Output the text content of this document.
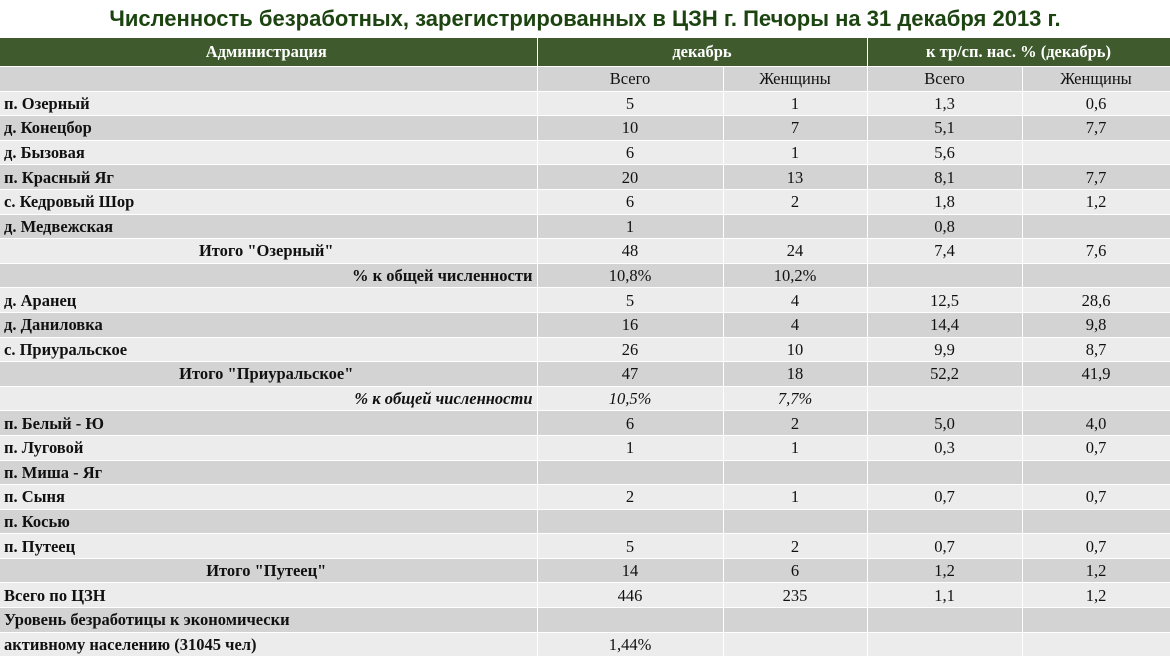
Численность безработных, зарегистрированных в ЦЗН г. Печоры на 31 декабря 2013 г.
Администрация	декабрь		к тр/сп. нас. % (декабрь)	
	Всего	Женщины	Всего	Женщины
п. Озерный	5	1	1,3	0,6
д. Конецбор	10	7	5,1	7,7
д. Бызовая	6	1	5,6	
п. Красный Яг	20	13	8,1	7,7
с. Кедровый Шор	6	2	1,8	1,2
д. Медвежская	1		0,8	
Итого "Озерный"	48	24	7,4	7,6
% к общей численности	10,8%	10,2%		
д. Аранец	5	4	12,5	28,6
д. Даниловка	16	4	14,4	9,8
с. Приуральское	26	10	9,9	8,7
Итого "Приуральское"	47	18	52,2	41,9
% к общей численности	10,5%	7,7%		
п. Белый - Ю	6	2	5,0	4,0
п. Луговой	1	1	0,3	0,7
п. Миша - Яг				
п. Сыня	2	1	0,7	0,7
п. Косью				
п. Путеец	5	2	0,7	0,7
Итого "Путеец"	14	6	1,2	1,2
Всего по ЦЗН	446	235	1,1	1,2
Уровень безработицы к экономически				
активному населению (31045 чел)	1,44%			
